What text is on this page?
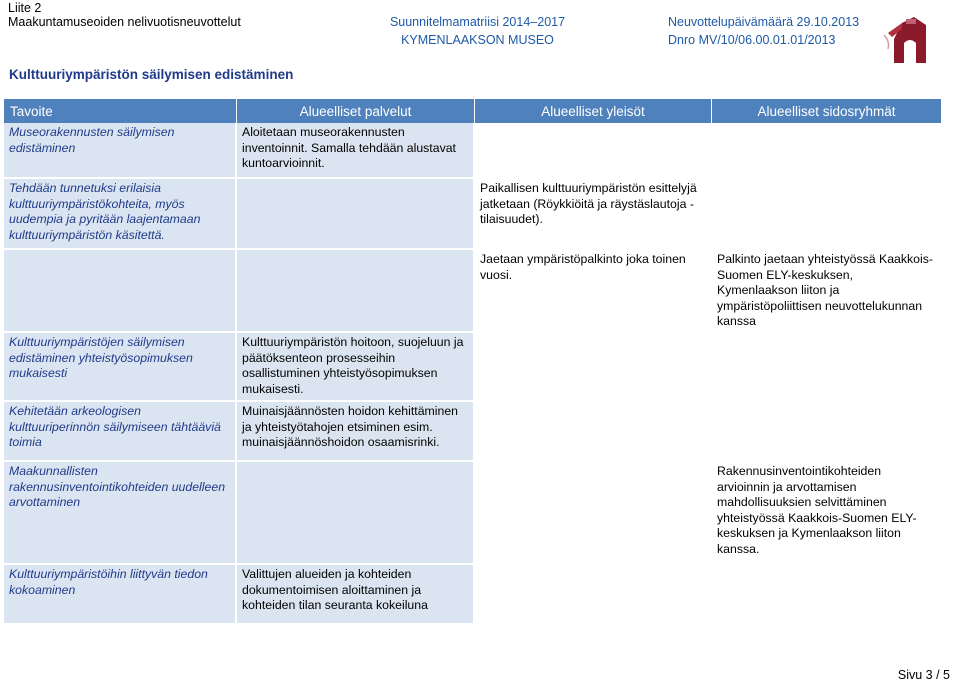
Liite 2
Maakuntamuseoiden nelivuotisneuvottelut	Suunnitelmamatriisi 2014–2017
KYMENLAAKSON MUSEO
Neuvottelupäivämäärä 29.10.2013
Dnro MV/10/06.00.01.01/2013
Kulttuuriympäristön säilymisen edistäminen
Tavoite	Alueelliset palvelut	Alueelliset yleisöt	Alueelliset sidosryhmät
Museorakennusten säilymisen edistäminen	Aloitetaan museorakennusten inventoinnit. Samalla tehdään alustavat kuntoarvioinnit.		
Tehdään tunnetuksi erilaisia kulttuuriympäristökohteita, myös uudempia ja pyritään laajentamaan kulttuuriympäristön käsitettä.		Paikallisen kulttuuriympäristön esittelyjä jatketaan (Röykkiöitä ja räystäslautoja -tilaisuudet).	
		Jaetaan ympäristöpalkinto joka toinen vuosi.	Palkinto jaetaan yhteistyössä Kaakkois-Suomen ELY-keskuksen, Kymenlaakson liiton ja ympäristöpoliittisen neuvottelukunnan kanssa
Kulttuuriympäristöjen säilymisen edistäminen yhteistyösopimuksen mukaisesti	Kulttuuriympäristön hoitoon, suojeluun ja päätöksenteon prosesseihin osallistuminen yhteistyösopimuksen mukaisesti.		
Kehitetään arkeologisen kulttuuriperinnön säilymiseen tähtääviä toimia	Muinaisjäännösten hoidon kehittäminen ja yhteistyötahojen etsiminen esim. muinaisjäännöshoidon osaamisrinki.		
Maakunnallisten rakennusinventointikohteiden uudelleen arvottaminen			Rakennusinventointikohteiden arvioinnin ja arvottamisen mahdollisuuksien selvittäminen yhteistyössä Kaakkois-Suomen ELY-keskuksen ja Kymenlaakson liiton kanssa.
Kulttuuriympäristöihin liittyvän tiedon kokoaminen	Valittujen alueiden ja kohteiden dokumentoimisen aloittaminen ja kohteiden tilan seuranta kokeiluna		
Sivu 3 / 5
